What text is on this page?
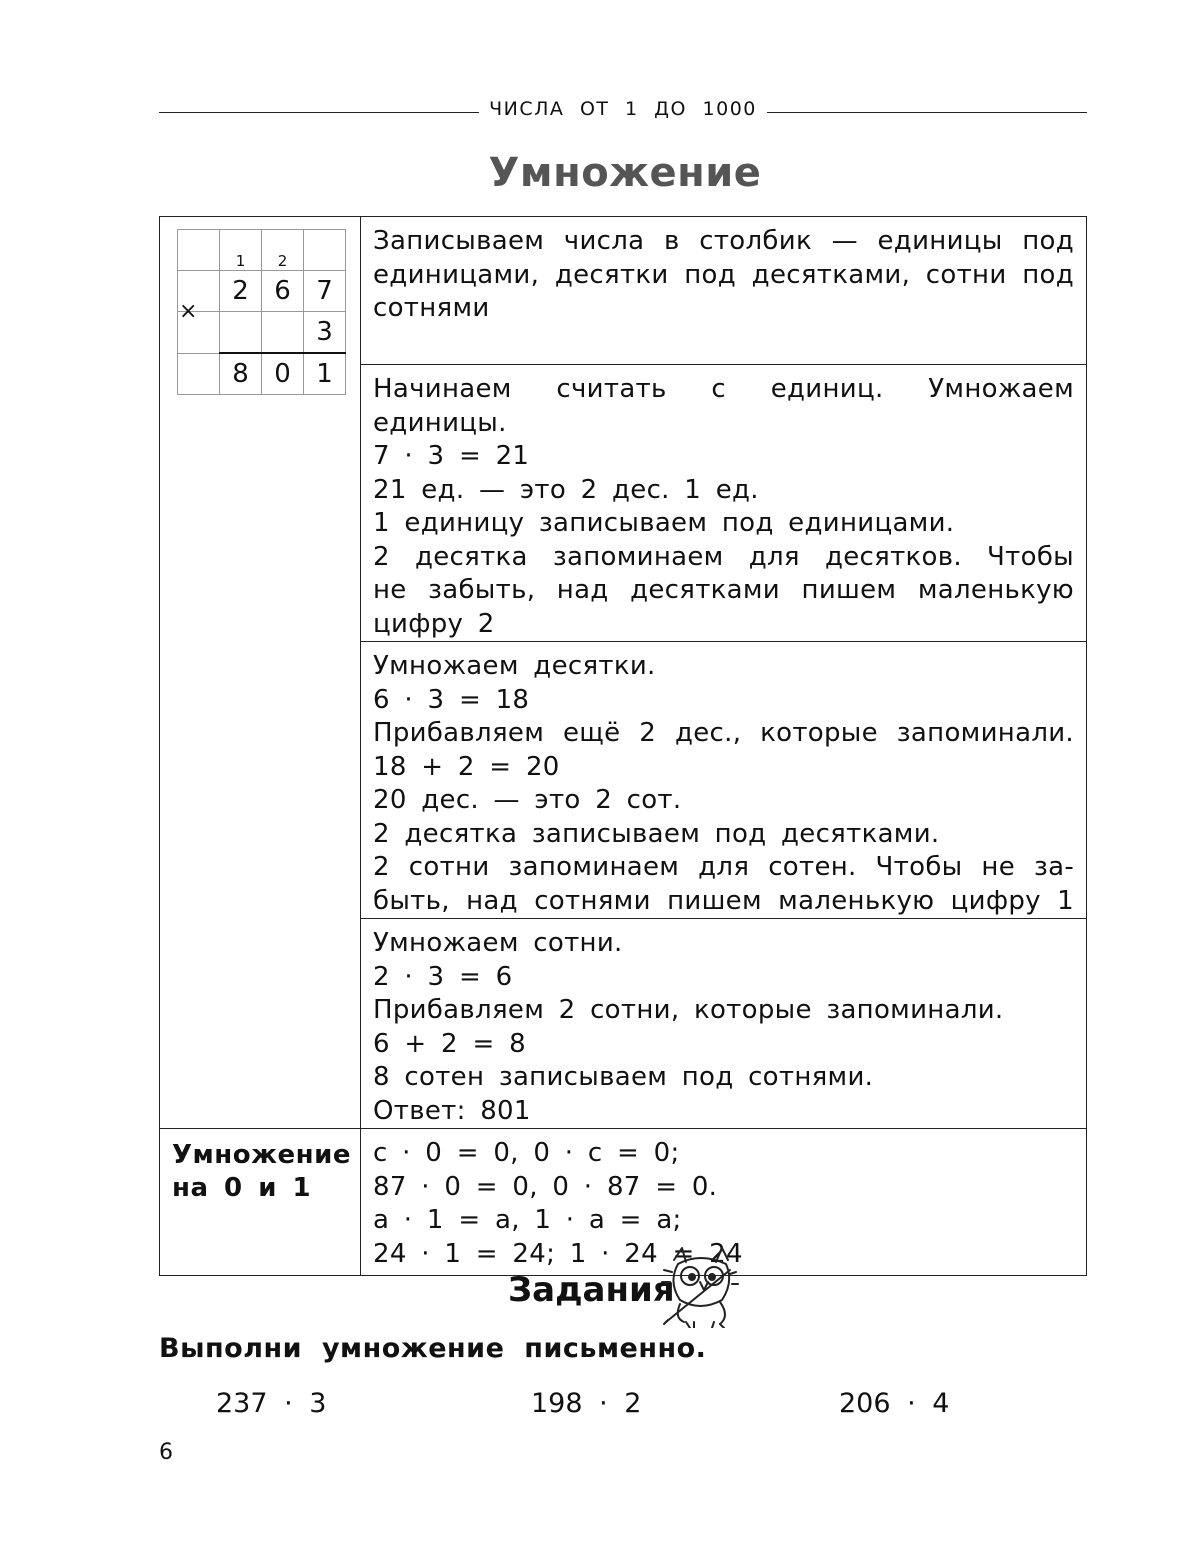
ЧИСЛА ОТ 1 ДО 1000
Умножение
	1	2	
	2	6	7
			3
	8	0	1
×

Записываем числа в столбик — единицы под
единицами, десятки под десятками, сотни под
сотнями

Начинаем считать с единиц. Умножаем единицы.
7 · 3 = 21
21 ед. — это 2 дес. 1 ед.
1 единицу записываем под единицами.
2 десятка запоминаем для десятков. Чтобы
не забыть, над десятками пишем маленькую
цифру 2

Умножаем десятки.
6 · 3 = 18
Прибавляем ещё 2 дес., которые запоминали.
18 + 2 = 20
20 дес. — это 2 сот.
2 десятка записываем под десятками.
2 сотни запоминаем для сотен. Чтобы не за-
быть, над сотнями пишем маленькую цифру 1

Умножаем сотни.
2 · 3 = 6
Прибавляем 2 сотни, которые запоминали.
6 + 2 = 8
8 сотен записываем под сотнями.
Ответ: 801

Умножение
на 0 и 1

с · 0 = 0, 0 · с = 0;
87 · 0 = 0, 0 · 87 = 0.
а · 1 = а, 1 · а = а;
24 · 1 = 24; 1 · 24 = 24
Задания
Выполни умножение письменно.
237 · 3	198 · 2	206 · 4
6
